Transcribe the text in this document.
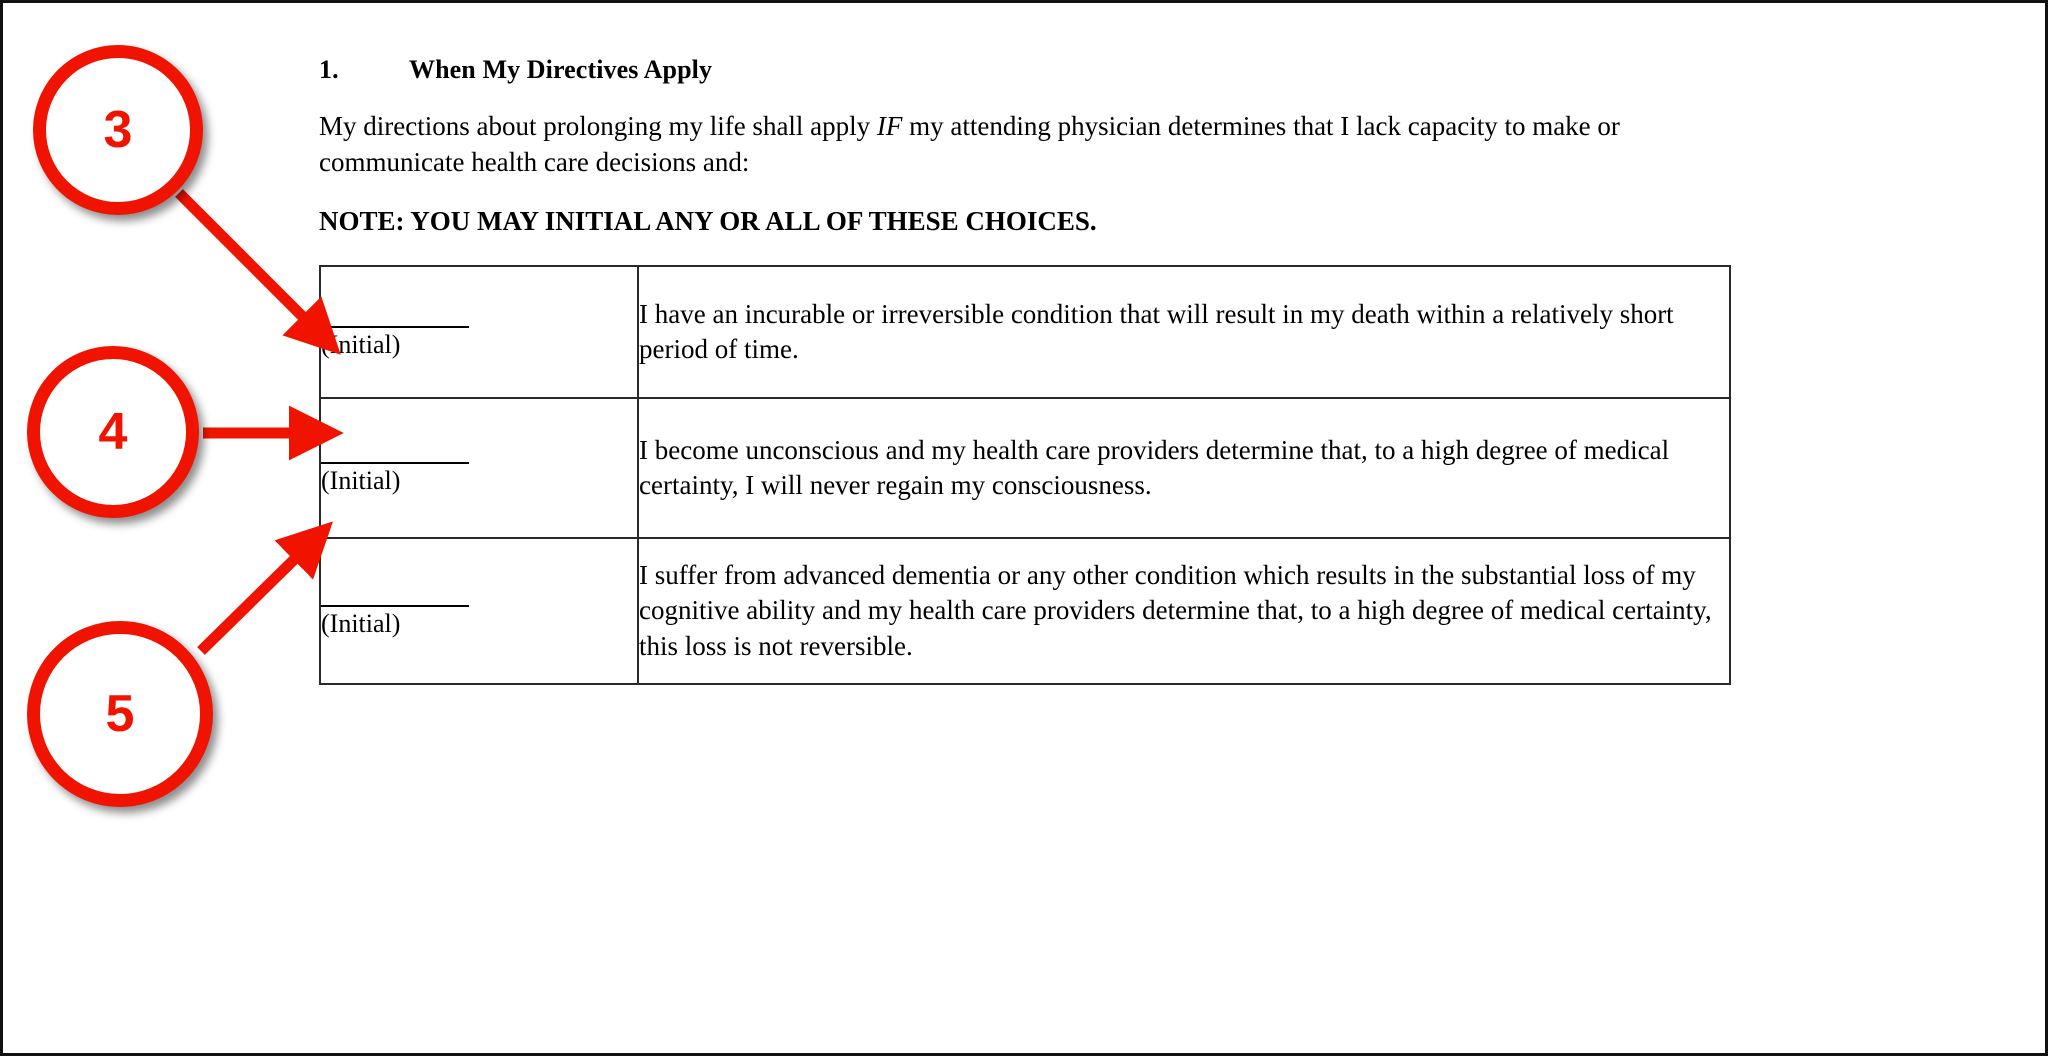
1.	When My Directives Apply

My directions about prolonging my life shall apply IF my attending physician determines that I lack capacity to make or communicate health care decisions and:

NOTE: YOU MAY INITIAL ANY OR ALL OF THESE CHOICES.

(Initial)	I have an incurable or irreversible condition that will result in my death within a relatively short period of time.

(Initial)	I become unconscious and my health care providers determine that, to a high degree of medical certainty, I will never regain my consciousness.

(Initial)	I suffer from advanced dementia or any other condition which results in the substantial loss of my cognitive ability and my health care providers determine that, to a high degree of medical certainty, this loss is not reversible.
3
4
5
